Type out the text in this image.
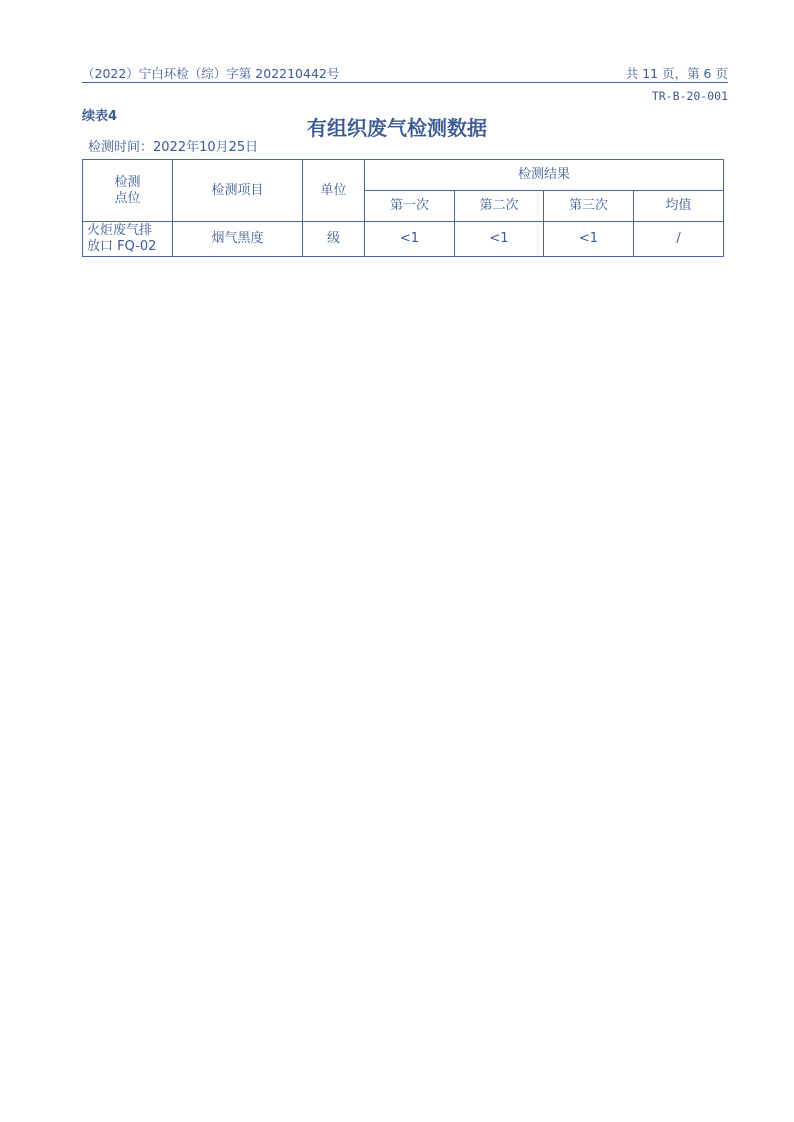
（2022）宁白环检（综）字第 202210442号	共 11 页，第 6 页
TR-B-20-001
续表4	有组织废气检测数据
检测时间：2022年10月25日
检测
点位	检测项目	单位	检测结果			
			第一次	第二次	第三次	均值

火炬废气排
放口 FQ-02	烟气黑度	级	<1	<1	<1	/
